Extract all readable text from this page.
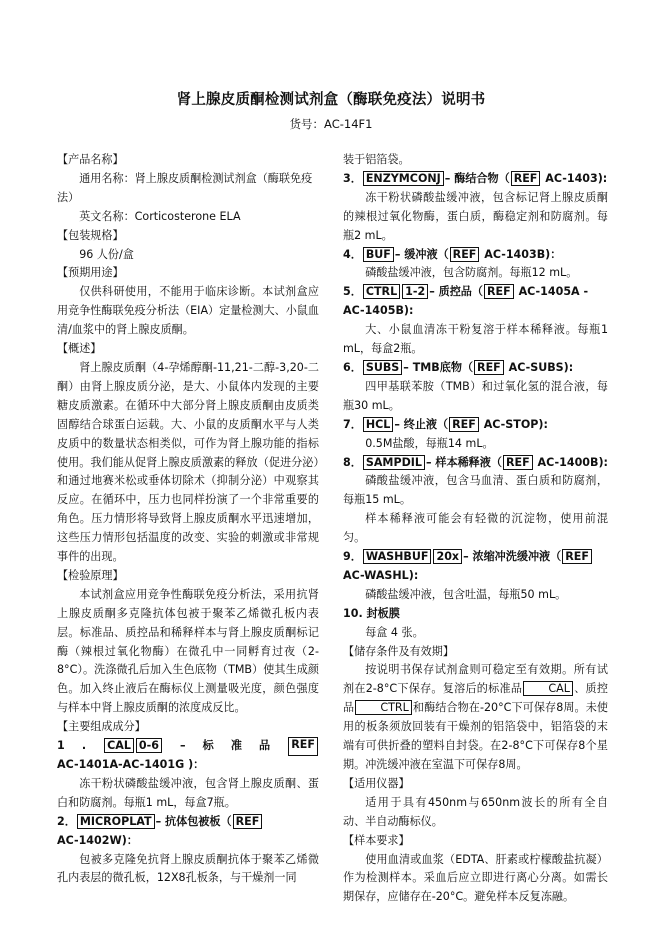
肾上腺皮质酮检测试剂盒（酶联免疫法）说明书
货号：AC-14F1

【产品名称】

通用名称：肾上腺皮质酮检测试剂盒（酶联免疫法）

英文名称：Corticosterone ELA

【包装规格】

96 人份/盒

【预期用途】

仅供科研使用，不能用于临床诊断。本试剂盒应用竞争性酶联免疫分析法（EIA）定量检测大、小鼠血清/血浆中的肾上腺皮质酮。

【概述】

肾上腺皮质酮（4-孕烯醇酮-11,21-二醇-3,20-二酮）由肾上腺皮质分泌，是大、小鼠体内发现的主要糖皮质激素。在循环中大部分肾上腺皮质酮由皮质类固醇结合球蛋白运载。大、小鼠的皮质酮水平与人类皮质中的数量状态相类似，可作为肾上腺功能的指标使用。我们能从促肾上腺皮质激素的释放（促进分泌）和通过地赛米松或垂体切除术（抑制分泌）中观察其反应。在循环中，压力也同样扮演了一个非常重要的角色。压力情形将导致肾上腺皮质酮水平迅速增加，这些压力情形包括温度的改变、实验的刺激或非常规事件的出现。

【检验原理】

本试剂盒应用竞争性酶联免疫分析法，采用抗肾上腺皮质酮多克隆抗体包被于聚苯乙烯微孔板内表层。标准品、质控品和稀释样本与肾上腺皮质酮标记酶（辣根过氧化物酶）在微孔中一同孵育过夜（2-8°C）。洗涤微孔后加入生色底物（TMB）使其生成颜色。加入终止液后在酶标仪上测量吸光度，颜色强度与样本中肾上腺皮质酮的浓度成反比。

【主要组成成分】

1 .	CAL 0-6	– 标 准 品 REF

AC-1401A-AC-1401G )：

冻干粉状磷酸盐缓冲液，包含肾上腺皮质酮、蛋白和防腐剂。每瓶1 mL，每盒7瓶。

2． MICROPLAT – 抗体包被板（ REF

AC-1402W)：

包被多克隆免抗肾上腺皮质酮抗体于聚苯乙烯微孔内表层的微孔板，12X8孔板条，与干燥剂一同

装于铝箔袋。

3． ENZYMCONJ – 酶结合物（ REF AC-1403):

冻干粉状磷酸盐缓冲液，包含标记肾上腺皮质酮的辣根过氧化物酶，蛋白质，酶稳定剂和防腐剂。每瓶2 mL。

4． BUF – 缓冲液（ REF AC-1403B)：

磷酸盐缓冲液，包含防腐剂。每瓶12 mL。

5． CTRL 1-2 – 质控品（ REF AC-1405A - AC-1405B):

大、小鼠血清冻干粉复溶于样本稀释液。每瓶1 mL，每盒2瓶。

6． SUBS – TMB底物（ REF AC-SUBS):

四甲基联苯胺（TMB）和过氧化氢的混合液，每瓶30 mL。

7． HCL – 终止液（ REF AC-STOP):

0.5M盐酸，每瓶14 mL。

8． SAMPDIL – 样本稀释液（ REF AC-1400B):

磷酸盐缓冲液，包含马血清、蛋白质和防腐剂，每瓶15 mL。

样本稀释液可能会有轻微的沉淀物，使用前混匀。

9． WASHBUF 20x – 浓缩冲洗缓冲液（ REF

AC-WASHL):

磷酸盐缓冲液，包含吐温，每瓶50 mL。

10. 封板膜

每盒 4 张。

【储存条件及有效期】

按说明书保存试剂盒则可稳定至有效期。所有试剂在2-8°C下保存。复溶后的标准品 CAL 、质控品 CTRL 和酶结合物在-20°C下可保存8周。未使用的板条须放回装有干燥剂的铝箔袋中，铝箔袋的末端有可供折叠的塑料自封袋。在2-8°C下可保存8个星期。冲洗缓冲液在室温下可保存8周。

【适用仪器】

适用于具有450nm与650nm波长的所有全自动、半自动酶标仪。

【样本要求】

使用血清或血浆（EDTA、肝素或柠檬酸盐抗凝）作为检测样本。采血后应立即进行离心分离。如需长期保存，应储存在-20°C。避免样本反复冻融。
